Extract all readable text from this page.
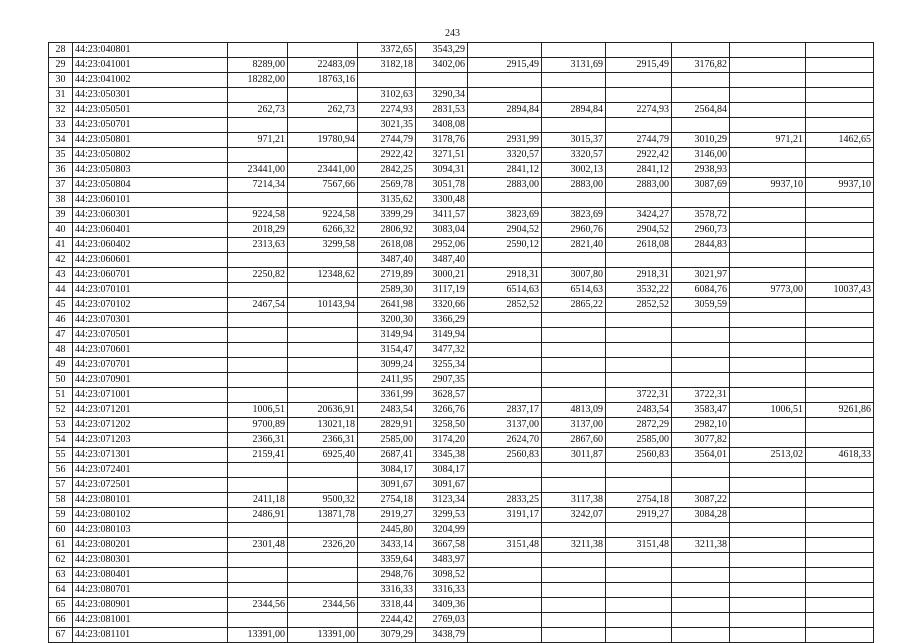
243
28	44:23:040801			3372,65	3543,29						
29	44:23:041001	8289,00	22483,09	3182,18	3402,06	2915,49	3131,69	2915,49	3176,82		
30	44:23:041002	18282,00	18763,16								
31	44:23:050301			3102,63	3290,34						
32	44:23:050501	262,73	262,73	2274,93	2831,53	2894,84	2894,84	2274,93	2564,84		
33	44:23:050701			3021,35	3408,08						
34	44:23:050801	971,21	19780,94	2744,79	3178,76	2931,99	3015,37	2744,79	3010,29	971,21	1462,65
35	44:23:050802			2922,42	3271,51	3320,57	3320,57	2922,42	3146,00		
36	44:23:050803	23441,00	23441,00	2842,25	3094,31	2841,12	3002,13	2841,12	2938,93		
37	44:23:050804	7214,34	7567,66	2569,78	3051,78	2883,00	2883,00	2883,00	3087,69	9937,10	9937,10
38	44:23:060101			3135,62	3300,48						
39	44:23:060301	9224,58	9224,58	3399,29	3411,57	3823,69	3823,69	3424,27	3578,72		
40	44:23:060401	2018,29	6266,32	2806,92	3083,04	2904,52	2960,76	2904,52	2960,73		
41	44:23:060402	2313,63	3299,58	2618,08	2952,06	2590,12	2821,40	2618,08	2844,83		
42	44:23:060601			3487,40	3487,40						
43	44:23:060701	2250,82	12348,62	2719,89	3000,21	2918,31	3007,80	2918,31	3021,97		
44	44:23:070101			2589,30	3117,19	6514,63	6514,63	3532,22	6084,76	9773,00	10037,43
45	44:23:070102	2467,54	10143,94	2641,98	3320,66	2852,52	2865,22	2852,52	3059,59		
46	44:23:070301			3200,30	3366,29						
47	44:23:070501			3149,94	3149,94						
48	44:23:070601			3154,47	3477,32						
49	44:23:070701			3099,24	3255,34						
50	44:23:070901			2411,95	2907,35						
51	44:23:071001			3361,99	3628,57			3722,31	3722,31		
52	44:23:071201	1006,51	20636,91	2483,54	3266,76	2837,17	4813,09	2483,54	3583,47	1006,51	9261,86
53	44:23:071202	9700,89	13021,18	2829,91	3258,50	3137,00	3137,00	2872,29	2982,10		
54	44:23:071203	2366,31	2366,31	2585,00	3174,20	2624,70	2867,60	2585,00	3077,82		
55	44:23:071301	2159,41	6925,40	2687,41	3345,38	2560,83	3011,87	2560,83	3564,01	2513,02	4618,33
56	44:23:072401			3084,17	3084,17						
57	44:23:072501			3091,67	3091,67						
58	44:23:080101	2411,18	9500,32	2754,18	3123,34	2833,25	3117,38	2754,18	3087,22		
59	44:23:080102	2486,91	13871,78	2919,27	3299,53	3191,17	3242,07	2919,27	3084,28		
60	44:23:080103			2445,80	3204,99						
61	44:23:080201	2301,48	2326,20	3433,14	3667,58	3151,48	3211,38	3151,48	3211,38		
62	44:23:080301			3359,64	3483,97						
63	44:23:080401			2948,76	3098,52						
64	44:23:080701			3316,33	3316,33						
65	44:23:080901	2344,56	2344,56	3318,44	3409,36						
66	44:23:081001			2244,42	2769,03						
67	44:23:081101	13391,00	13391,00	3079,29	3438,79						
